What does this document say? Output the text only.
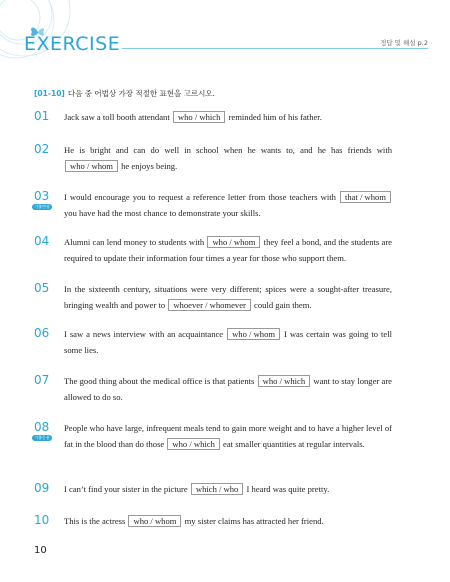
EXERCISE	정답 및 해설 p.2
[01-10] 다음 중 어법상 가장 적절한 표현을 고르시오.
01	Jack saw a toll booth attendant who / which reminded him of his father.
02	He is bright and can do well in school when he wants to, and he has friends with who / whom he enjoys being.
03
기출변형
I would encourage you to request a reference letter from those teachers with that / whom you have had the most chance to demonstrate your skills.
04	Alumni can lend money to students with who / whom they feel a bond, and the students are required to update their information four times a year for those who support them.
05	In the sixteenth century, situations were very different; spices were a sought-after treasure, bringing wealth and power to whoever / whomever could gain them.
06	I saw a news interview with an acquaintance who / whom I was certain was going to tell some lies.
07	The good thing about the medical office is that patients who / which want to stay longer are allowed to do so.
08
기출응용
People who have large, infrequent meals tend to gain more weight and to have a higher level of fat in the blood than do those who / which eat smaller quantities at regular intervals.
09	I can’t find your sister in the picture which / who I heard was quite pretty.
10	This is the actress who / whom my sister claims has attracted her friend.
10
